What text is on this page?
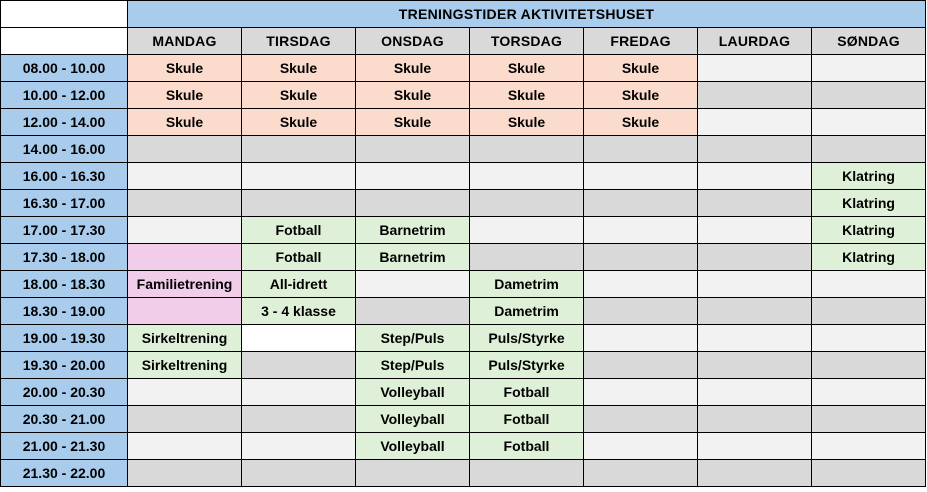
	TRENINGSTIDER AKTIVITETSHUSET						
	MANDAG	TIRSDAG	ONSDAG	TORSDAG	FREDAG	LAURDAG	SØNDAG
08.00 - 10.00	Skule	Skule	Skule	Skule	Skule		
10.00 - 12.00	Skule	Skule	Skule	Skule	Skule		
12.00 - 14.00	Skule	Skule	Skule	Skule	Skule		
14.00 - 16.00							
16.00 - 16.30							Klatring
16.30 - 17.00							Klatring
17.00 - 17.30		Fotball	Barnetrim				Klatring
17.30 - 18.00		Fotball	Barnetrim				Klatring
18.00 - 18.30	Familietrening	All-idrett		Dametrim			
18.30 - 19.00		3 - 4 klasse		Dametrim			
19.00 - 19.30	Sirkeltrening		Step/Puls	Puls/Styrke			
19.30 - 20.00	Sirkeltrening		Step/Puls	Puls/Styrke			
20.00 - 20.30			Volleyball	Fotball			
20.30 - 21.00			Volleyball	Fotball			
21.00 - 21.30			Volleyball	Fotball			
21.30 - 22.00							
